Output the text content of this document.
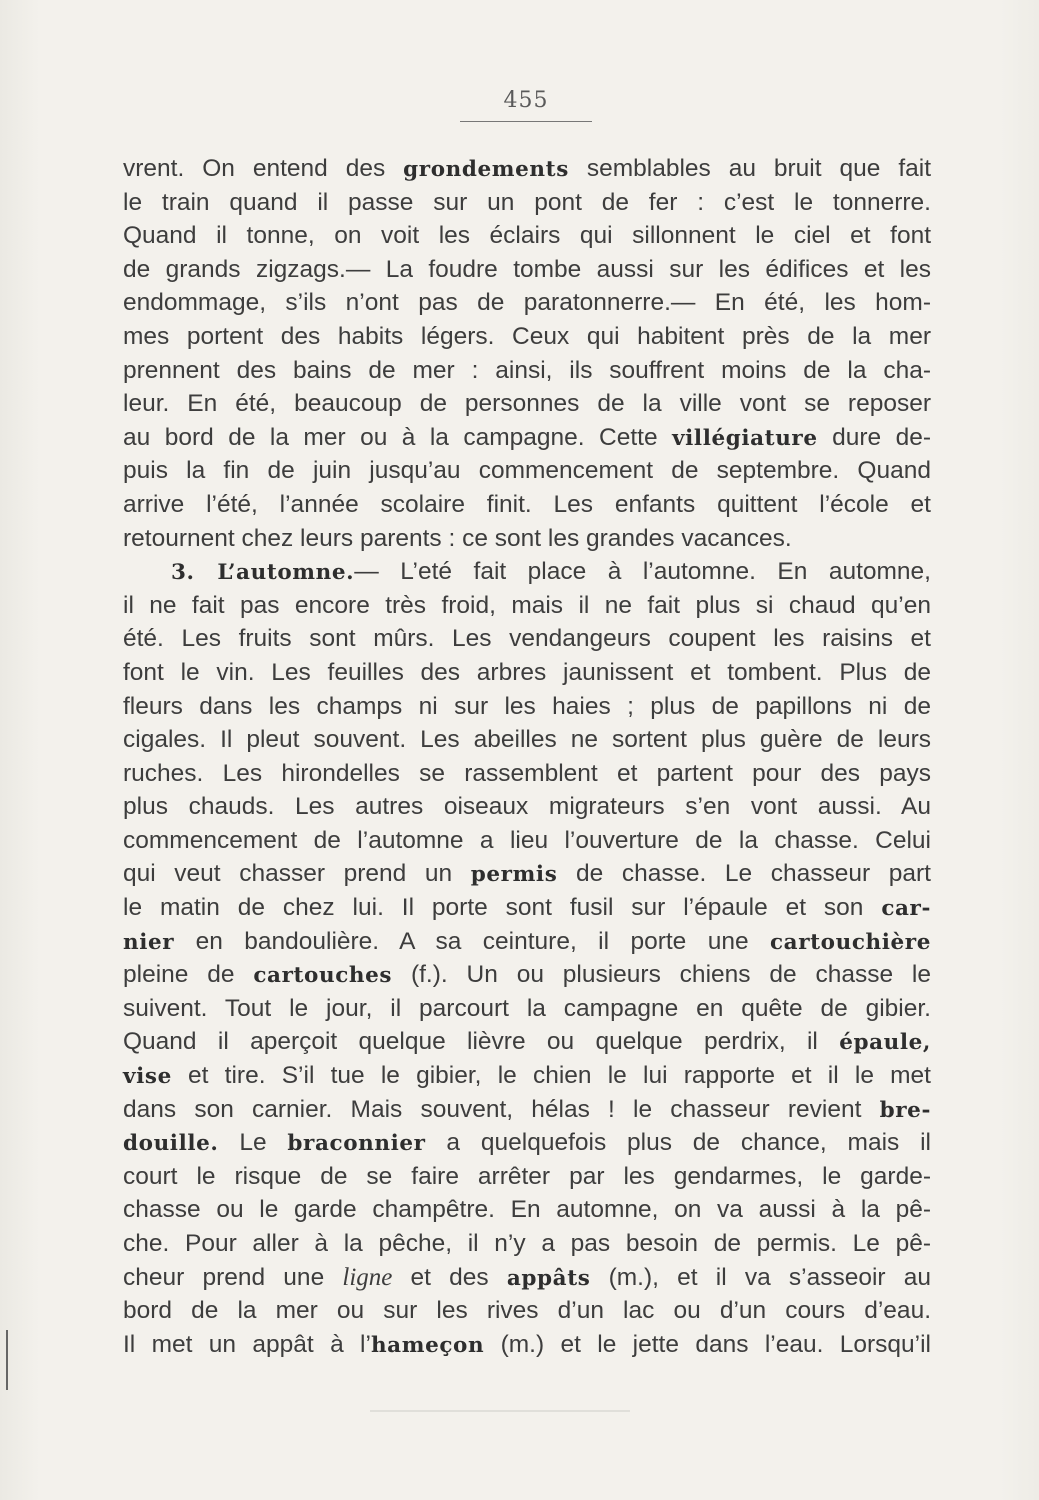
455
vrent. On entend des grondements semblables au bruit que fait
le train quand il passe sur un pont de fer : c’est le tonnerre.
Quand il tonne, on voit les éclairs qui sillonnent le ciel et font
de grands zigzags.— La foudre tombe aussi sur les édifices et les
endommage, s’ils n’ont pas de paratonnerre.— En été, les hom-
mes portent des habits légers. Ceux qui habitent près de la mer
prennent des bains de mer : ainsi, ils souffrent moins de la cha-
leur. En été, beaucoup de personnes de la ville vont se reposer
au bord de la mer ou à la campagne. Cette villégiature dure de-
puis la fin de juin jusqu’au commencement de septembre. Quand
arrive l’été, l’année scolaire finit. Les enfants quittent l’école et
retournent chez leurs parents : ce sont les grandes vacances.
3. L’automne.— L’eté fait place à l’automne. En automne,
il ne fait pas encore très froid, mais il ne fait plus si chaud qu’en
été. Les fruits sont mûrs. Les vendangeurs coupent les raisins et
font le vin. Les feuilles des arbres jaunissent et tombent. Plus de
fleurs dans les champs ni sur les haies ; plus de papillons ni de
cigales. Il pleut souvent. Les abeilles ne sortent plus guère de leurs
ruches. Les hirondelles se rassemblent et partent pour des pays
plus chauds. Les autres oiseaux migrateurs s’en vont aussi. Au
commencement de l’automne a lieu l’ouverture de la chasse. Celui
qui veut chasser prend un permis de chasse. Le chasseur part
le matin de chez lui. Il porte sont fusil sur l’épaule et son car-
nier en bandoulière. A sa ceinture, il porte une cartouchière
pleine de cartouches (f.). Un ou plusieurs chiens de chasse le
suivent. Tout le jour, il parcourt la campagne en quête de gibier.
Quand il aperçoit quelque lièvre ou quelque perdrix, il épaule,
vise et tire. S’il tue le gibier, le chien le lui rapporte et il le met
dans son carnier. Mais souvent, hélas ! le chasseur revient bre-
douille. Le braconnier a quelquefois plus de chance, mais il
court le risque de se faire arrêter par les gendarmes, le garde-
chasse ou le garde champêtre. En automne, on va aussi à la pê-
che. Pour aller à la pêche, il n’y a pas besoin de permis. Le pê-
cheur prend une ligne et des appâts (m.), et il va s’asseoir au
bord de la mer ou sur les rives d’un lac ou d’un cours d’eau.
Il met un appât à l’hameçon (m.) et le jette dans l’eau. Lorsqu’il
